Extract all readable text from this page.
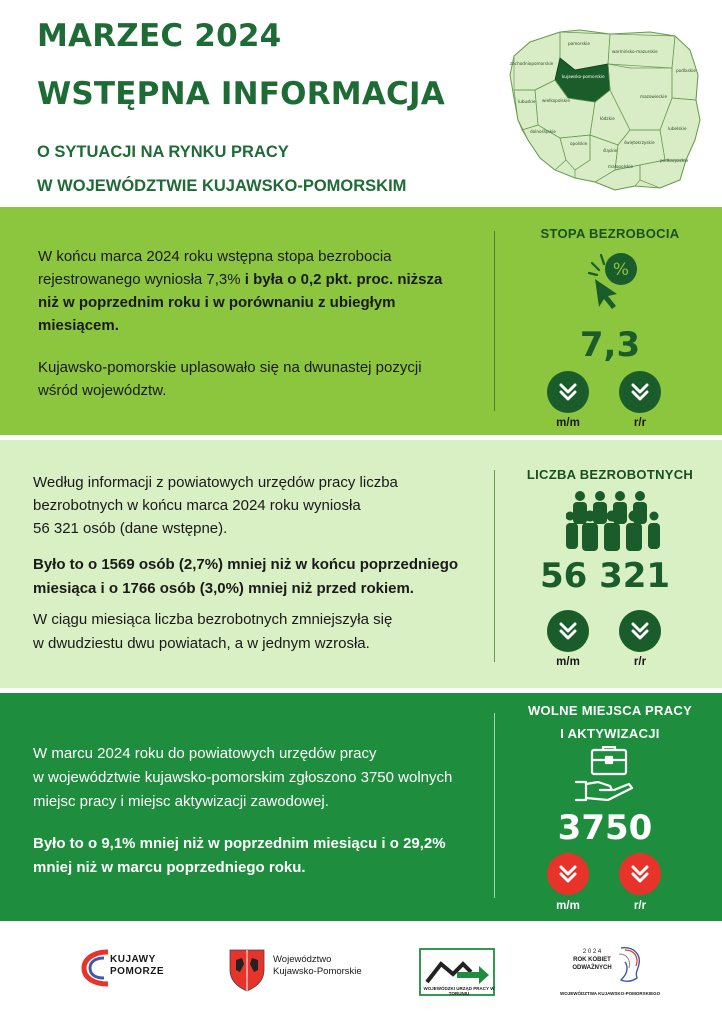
MARZEC 2024
WSTĘPNA INFORMACJA
O SYTUACJI NA RYNKU PRACY
W WOJEWÓDZTWIE KUJAWSKO-POMORSKIM
pomorskie
warmińsko-mazurskie
podlaskie
zachodniopomorskie
kujawsko-pomorskie
wielkopolskie
lubuskie
mazowieckie
łódzkie
lubelskie
dolnośląskie
opolskie
śląskie
świętokrzyskie
podkarpackie
małopolskie
W końcu marca 2024 roku wstępna stopa bezrobocia
rejestrowanego wyniosła 7,3% i była o 0,2 pkt. proc. niższa
niż w poprzednim roku i w porównaniu z ubiegłym
miesiącem.
Kujawsko-pomorskie uplasowało się na dwunastej pozycji
wśród województw.
STOPA BEZROBOCIA
%
7,3
m/m	r/r
Według informacji z powiatowych urzędów pracy liczba
bezrobotnych w końcu marca 2024 roku wyniosła
56 321 osób (dane wstępne).
Było to o 1569 osób (2,7%) mniej niż w końcu poprzedniego
miesiąca i o 1766 osób (3,0%) mniej niż przed rokiem.
W ciągu miesiąca liczba bezrobotnych zmniejszyła się
w dwudziestu dwu powiatach, a w jednym wzrosła.
LICZBA BEZROBOTNYCH
56 321
m/m	r/r
W marcu 2024 roku do powiatowych urzędów pracy
w województwie kujawsko-pomorskim zgłoszono 3750 wolnych
miejsc pracy i miejsc aktywizacji zawodowej.
Było to o 9,1% mniej niż w poprzednim miesiącu i o 29,2%
mniej niż w marcu poprzedniego roku.
WOLNE MIEJSCA PRACY
I AKTYWIZACJI
3750
m/m	r/r
KUJAWY
POMORZE
Województwo
Kujawsko-Pomorskie
WOJEWÓDZKI URZĄD PRACY W TORUNIU
2 0 2 4
ROK KOBIET
ODWAŻNYCH
WOJEWÓDZTWA KUJAWSKO-POMORSKIEGO
